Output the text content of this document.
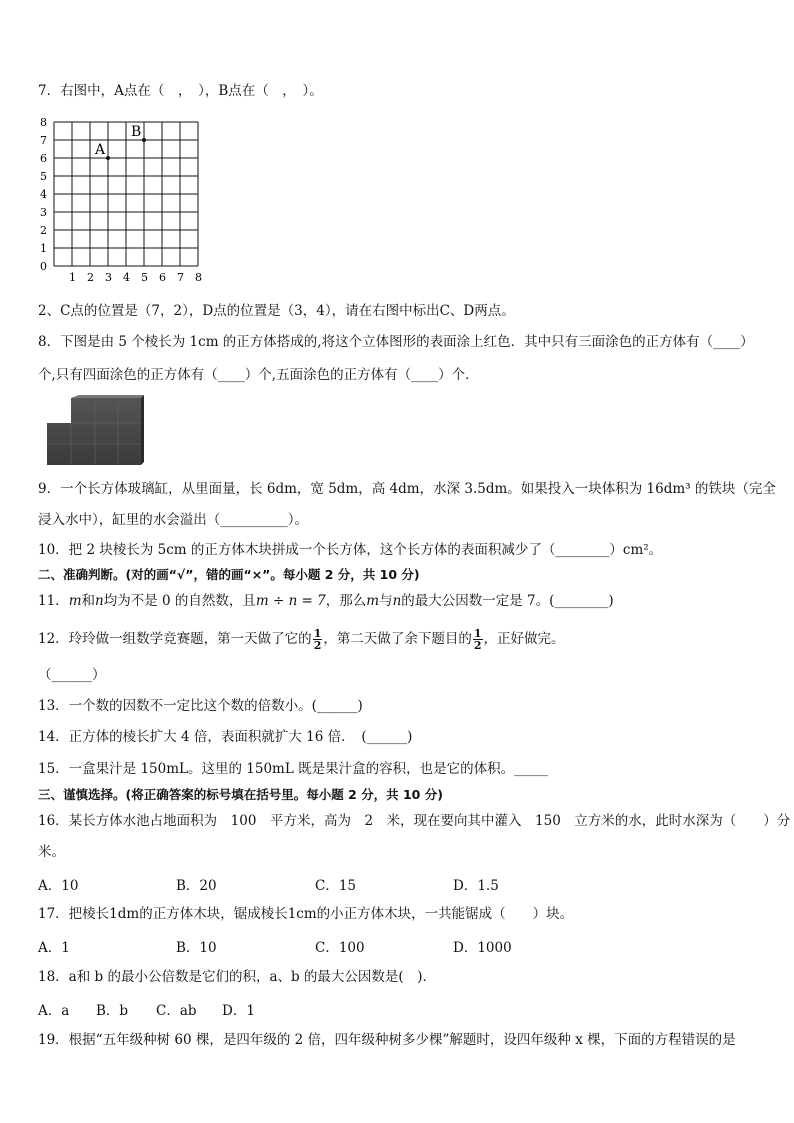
7．右图中，A点在（　，　），B点在（　，　）。
1 2 3 4 5 6 7 8
0
1
2
3
4
5
6
7
8
A
B
2、C点的位置是（7，2），D点的位置是（3，4），请在右图中标出C、D两点。
8．下图是由 5 个棱长为 1cm 的正方体搭成的,将这个立体图形的表面涂上红色．其中只有三面涂色的正方体有（____）
个,只有四面涂色的正方体有（____）个,五面涂色的正方体有（____）个．
9．一个长方体玻璃缸，从里面量，长 6dm，宽 5dm，高 4dm，水深 3.5dm。如果投入一块体积为 16dm³ 的铁块（完全
浸入水中），缸里的水会溢出（__________）。
10．把 2 块棱长为 5cm 的正方体木块拼成一个长方体，这个长方体的表面积减少了（________）cm²。
二、准确判断。(对的画“√”，错的画“×”。每小题 2 分，共 10 分)
11．m和n均为不是 0 的自然数，且m ÷ n = 7，那么m与n的最大公因数一定是 7。(________)
12．玲玲做一组数学竞赛题，第一天做了它的 $\frac{1}{2}$ ，第二天做了余下题目的 $\frac{1}{2}$ ，正好做完。
（______）
13．一个数的因数不一定比这个数的倍数小。(______)
14．正方体的棱长扩大 4 倍，表面积就扩大 16 倍．　(______)
15．一盒果汁是 150mL。这里的 150mL 既是果汁盒的容积，也是它的体积。_____
三、谨慎选择。(将正确答案的标号填在括号里。每小题 2 分，共 10 分)
16．某长方体水池占地面积为　100　平方米，高为　2　米，现在要向其中灌入　150　立方米的水，此时水深为（　　）分
米。
A．10	B．20	C．15	D．1.5
17．把棱长1dm的正方体木块，锯成棱长1cm的小正方体木块，一共能锯成（　　）块。
A．1	B．10	C．100	D．1000
18．a和 b 的最小公倍数是它们的积，a、b 的最大公因数是(　)．
A．a B．b C．ab D．1
19．根据“五年级种树 60 棵，是四年级的 2 倍，四年级种树多少棵”解题时，设四年级种 x 棵，下面的方程错误的是
